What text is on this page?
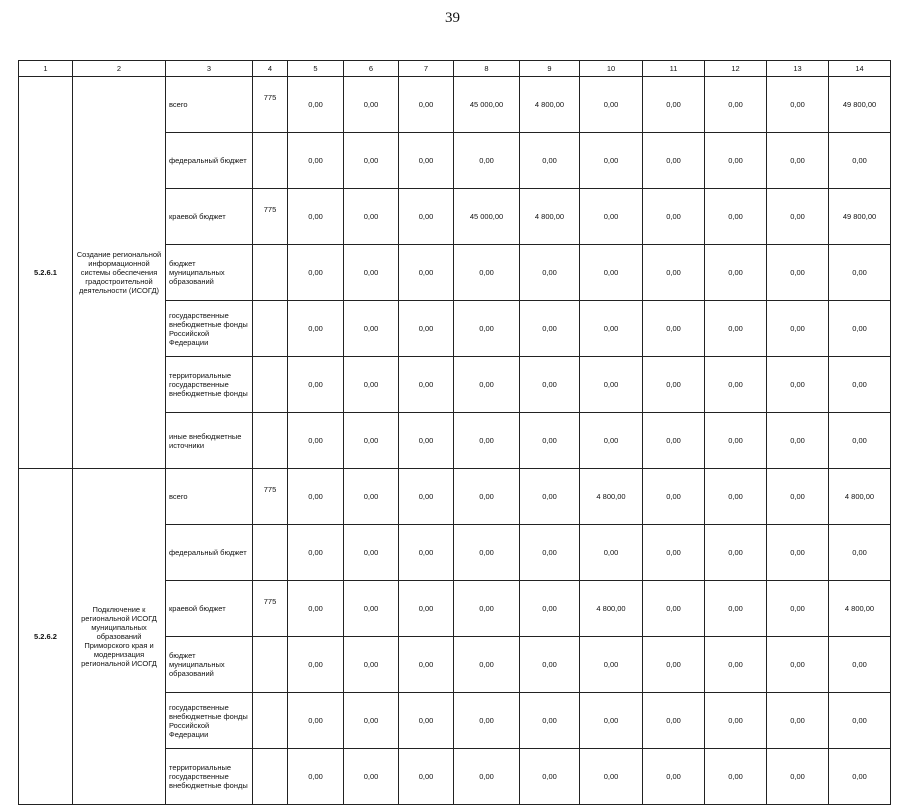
39
1	2	3	4	5	6	7	8	9	10	11	12	13	14
5.2.6.1	Создание региональной информационной системы обеспечения градостроительной деятельности (ИСОГД)	всего	775	0,00	0,00	0,00	45 000,00	4 800,00	0,00	0,00	0,00	0,00	49 800,00
		федеральный бюджет		0,00	0,00	0,00	0,00	0,00	0,00	0,00	0,00	0,00	0,00
		краевой бюджет	775	0,00	0,00	0,00	45 000,00	4 800,00	0,00	0,00	0,00	0,00	49 800,00
		бюджет муниципальных образований		0,00	0,00	0,00	0,00	0,00	0,00	0,00	0,00	0,00	0,00
		государственные внебюджетные фонды Российской Федерации		0,00	0,00	0,00	0,00	0,00	0,00	0,00	0,00	0,00	0,00
		территориальные государственные внебюджетные фонды		0,00	0,00	0,00	0,00	0,00	0,00	0,00	0,00	0,00	0,00
		иные внебюджетные источники		0,00	0,00	0,00	0,00	0,00	0,00	0,00	0,00	0,00	0,00
5.2.6.2	Подключение к региональной ИСОГД муниципальных образований Приморского края и модернизация региональной ИСОГД	всего	775	0,00	0,00	0,00	0,00	0,00	4 800,00	0,00	0,00	0,00	4 800,00
		федеральный бюджет		0,00	0,00	0,00	0,00	0,00	0,00	0,00	0,00	0,00	0,00
		краевой бюджет	775	0,00	0,00	0,00	0,00	0,00	4 800,00	0,00	0,00	0,00	4 800,00
		бюджет муниципальных образований		0,00	0,00	0,00	0,00	0,00	0,00	0,00	0,00	0,00	0,00
		государственные внебюджетные фонды Российской Федерации		0,00	0,00	0,00	0,00	0,00	0,00	0,00	0,00	0,00	0,00
		территориальные государственные внебюджетные фонды		0,00	0,00	0,00	0,00	0,00	0,00	0,00	0,00	0,00	0,00
